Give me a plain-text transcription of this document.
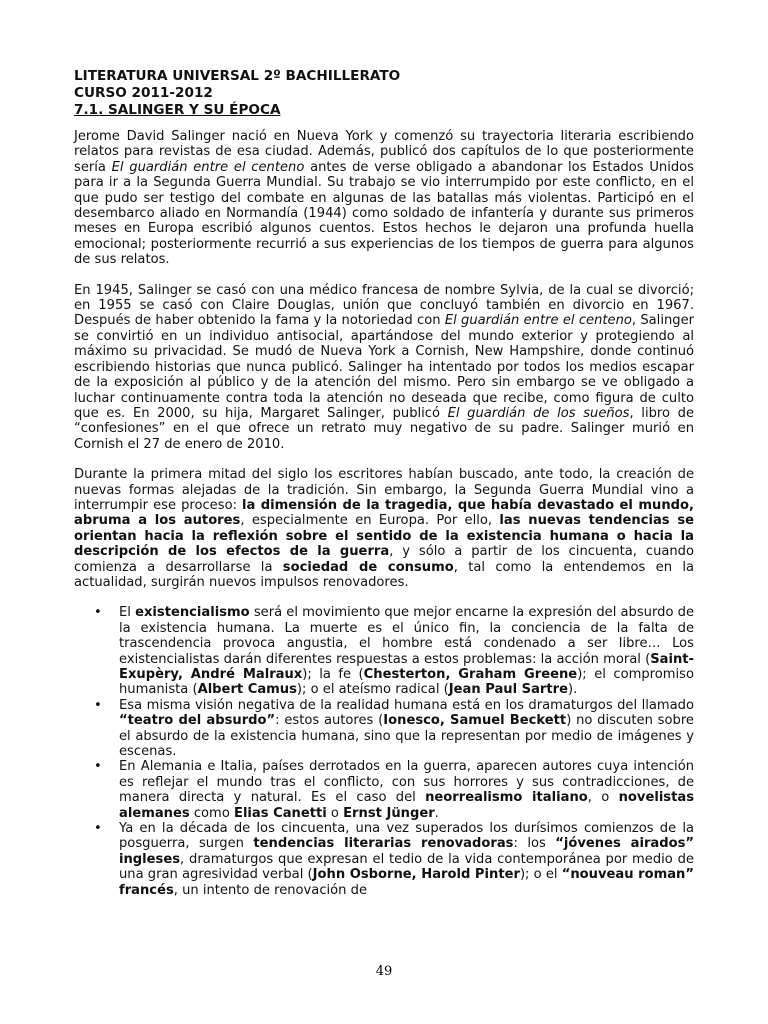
LITERATURA UNIVERSAL 2º BACHILLERATO
CURSO 2011-2012
7.1. SALINGER Y SU ÉPOCA

Jerome David Salinger nació en Nueva York y comenzó su trayectoria literaria escribiendo relatos para revistas de esa ciudad. Además, publicó dos capítulos de lo que posteriormente sería El guardián entre el centeno antes de verse obligado a abandonar los Estados Unidos para ir a la Segunda Guerra Mundial. Su trabajo se vio interrumpido por este conflicto, en el que pudo ser testigo del combate en algunas de las batallas más violentas. Participó en el desembarco aliado en Normandía (1944) como soldado de infantería y durante sus primeros meses en Europa escribió algunos cuentos. Estos hechos le dejaron una profunda huella emocional; posteriormente recurrió a sus experiencias de los tiempos de guerra para algunos de sus relatos.

En 1945, Salinger se casó con una médico francesa de nombre Sylvia, de la cual se divorció; en 1955 se casó con Claire Douglas, unión que concluyó también en divorcio en 1967. Después de haber obtenido la fama y la notoriedad con El guardián entre el centeno, Salinger se convirtió en un individuo antisocial, apartándose del mundo exterior y protegiendo al máximo su privacidad. Se mudó de Nueva York a Cornish, New Hampshire, donde continuó escribiendo historias que nunca publicó. Salinger ha intentado por todos los medios escapar de la exposición al público y de la atención del mismo. Pero sin embargo se ve obligado a luchar continuamente contra toda la atención no deseada que recibe, como figura de culto que es. En 2000, su hija, Margaret Salinger, publicó El guardián de los sueños, libro de “confesiones” en el que ofrece un retrato muy negativo de su padre. Salinger murió en Cornish el 27 de enero de 2010.

Durante la primera mitad del siglo los escritores habían buscado, ante todo, la creación de nuevas formas alejadas de la tradición. Sin embargo, la Segunda Guerra Mundial vino a interrumpir ese proceso: la dimensión de la tragedia, que había devastado el mundo, abruma a los autores, especialmente en Europa. Por ello, las nuevas tendencias se orientan hacia la reflexión sobre el sentido de la existencia humana o hacia la descripción de los efectos de la guerra, y sólo a partir de los cincuenta, cuando comienza a desarrollarse la sociedad de consumo, tal como la entendemos en la actualidad, surgirán nuevos impulsos renovadores.

• El existencialismo será el movimiento que mejor encarne la expresión del absurdo de la existencia humana. La muerte es el único fin, la conciencia de la falta de trascendencia provoca angustia, el hombre está condenado a ser libre… Los existencialistas darán diferentes respuestas a estos problemas: la acción moral (Saint-Exupèry, André Malraux); la fe (Chesterton, Graham Greene); el compromiso humanista (Albert Camus); o el ateísmo radical (Jean Paul Sartre).
• Esa misma visión negativa de la realidad humana está en los dramaturgos del llamado “teatro del absurdo”: estos autores (Ionesco, Samuel Beckett) no discuten sobre el absurdo de la existencia humana, sino que la representan por medio de imágenes y escenas.
• En Alemania e Italia, países derrotados en la guerra, aparecen autores cuya intención es reflejar el mundo tras el conflicto, con sus horrores y sus contradicciones, de manera directa y natural. Es el caso del neorrealismo italiano, o novelistas alemanes como Elias Canetti o Ernst Jünger.
• Ya en la década de los cincuenta, una vez superados los durísimos comienzos de la posguerra, surgen tendencias literarias renovadoras: los “jóvenes airados” ingleses, dramaturgos que expresan el tedio de la vida contemporánea por medio de una gran agresividad verbal (John Osborne, Harold Pinter); o el “nouveau roman” francés, un intento de renovación de
49
